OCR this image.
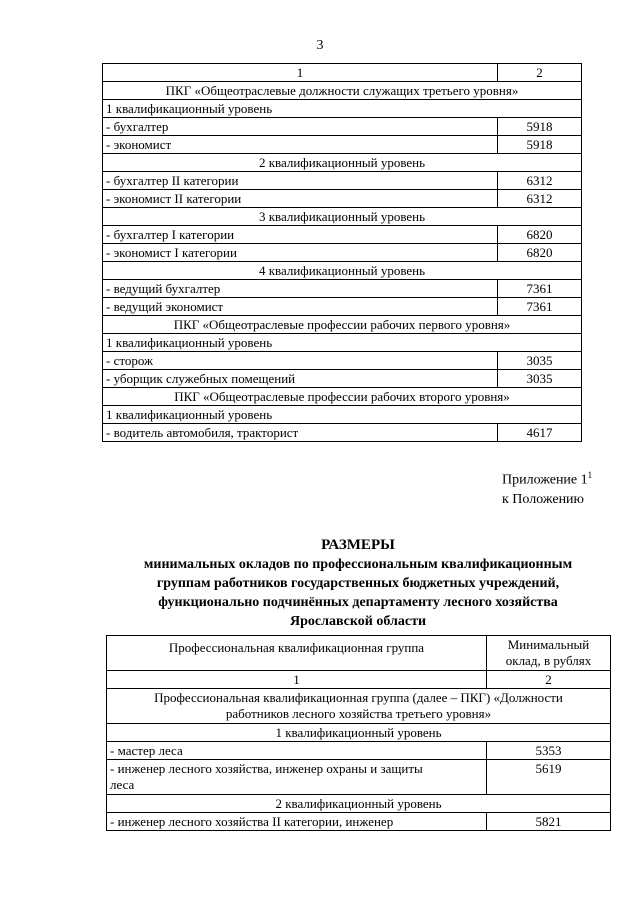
3
1	2
ПКГ «Общеотраслевые должности служащих третьего уровня»	
1 квалификационный уровень	
- бухгалтер	5918
- экономист	5918
2 квалификационный уровень	
- бухгалтер II категории	6312
- экономист II категории	6312
3 квалификационный уровень	
- бухгалтер I категории	6820
- экономист I категории	6820
4 квалификационный уровень	
- ведущий бухгалтер	7361
- ведущий экономист	7361
ПКГ «Общеотраслевые профессии рабочих первого уровня»	
1 квалификационный уровень	
- сторож	3035
- уборщик служебных помещений	3035
ПКГ «Общеотраслевые профессии рабочих второго уровня»	
1 квалификационный уровень	
- водитель автомобиля, тракторист	4617
Приложение $1^1$
к Положению
РАЗМЕРЫ
минимальных окладов по профессиональным квалификационным
группам работников государственных бюджетных учреждений,
функционально подчинённых департаменту лесного хозяйства
Ярославской области
Профессиональная квалификационная группа	Минимальный
оклад, в рублях

1	2

Профессиональная квалификационная группа (далее – ПКГ) «Должности
работников лесного хозяйства третьего уровня»	

1 квалификационный уровень	
- мастер леса	5353

- инженер лесного хозяйства, инженер охраны и защиты
леса	5619
2 квалификационный уровень	
- инженер лесного хозяйства II категории, инженер	5821
